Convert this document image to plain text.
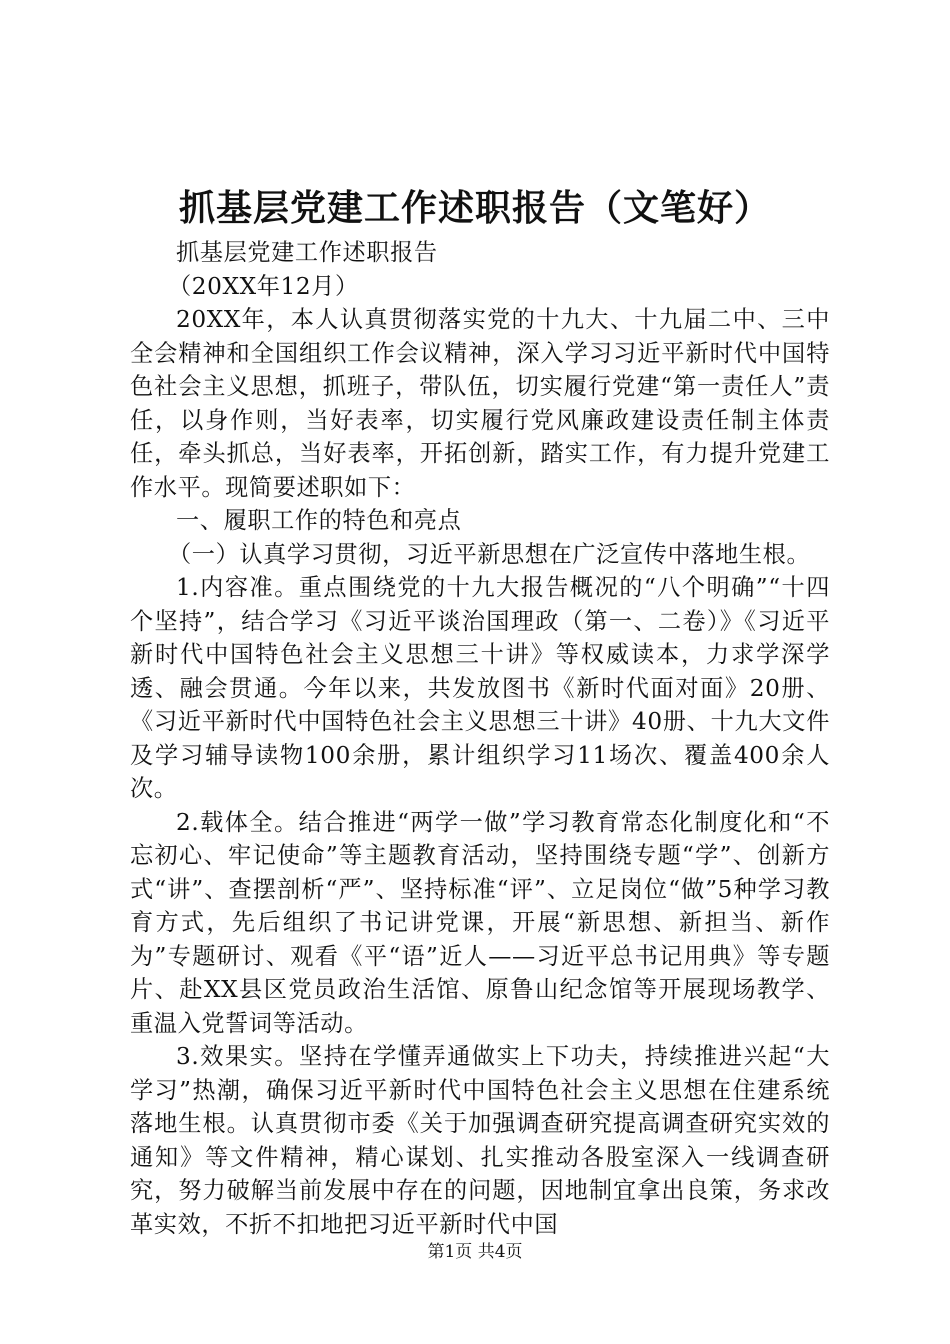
抓基层党建工作述职报告（文笔好）

抓基层党建工作述职报告

（20XX年12月）

20XX年，本人认真贯彻落实党的十九大、十九届二中、三中全会精神和全国组织工作会议精神，深入学习习近平新时代中国特色社会主义思想，抓班子，带队伍，切实履行党建“第一责任人”责任，以身作则，当好表率，切实履行党风廉政建设责任制主体责任，牵头抓总，当好表率，开拓创新，踏实工作，有力提升党建工作水平。现简要述职如下：

一、履职工作的特色和亮点

（一）认真学习贯彻，习近平新思想在广泛宣传中落地生根。

1.内容准。重点围绕党的十九大报告概况的“八个明确”“十四个坚持”，结合学习《习近平谈治国理政（第一、二卷）》《习近平新时代中国特色社会主义思想三十讲》等权威读本，力求学深学透、融会贯通。今年以来，共发放图书《新时代面对面》20册、《习近平新时代中国特色社会主义思想三十讲》40册、十九大文件及学习辅导读物100余册，累计组织学习11场次、覆盖400余人次。

2.载体全。结合推进“两学一做”学习教育常态化制度化和“不忘初心、牢记使命”等主题教育活动，坚持围绕专题“学”、创新方式“讲”、查摆剖析“严”、坚持标准“评”、立足岗位“做”5种学习教育方式，先后组织了书记讲党课，开展“新思想、新担当、新作为”专题研讨、观看《平“语”近人——习近平总书记用典》等专题片、赴XX县区党员政治生活馆、原鲁山纪念馆等开展现场教学、重温入党誓词等活动。

3.效果实。坚持在学懂弄通做实上下功夫，持续推进兴起“大学习”热潮，确保习近平新时代中国特色社会主义思想在住建系统落地生根。认真贯彻市委《关于加强调查研究提高调查研究实效的通知》等文件精神，精心谋划、扎实推动各股室深入一线调查研究，努力破解当前发展中存在的问题，因地制宜拿出良策，务求改革实效，不折不扣地把习近平新时代中国

第1页 共4页
